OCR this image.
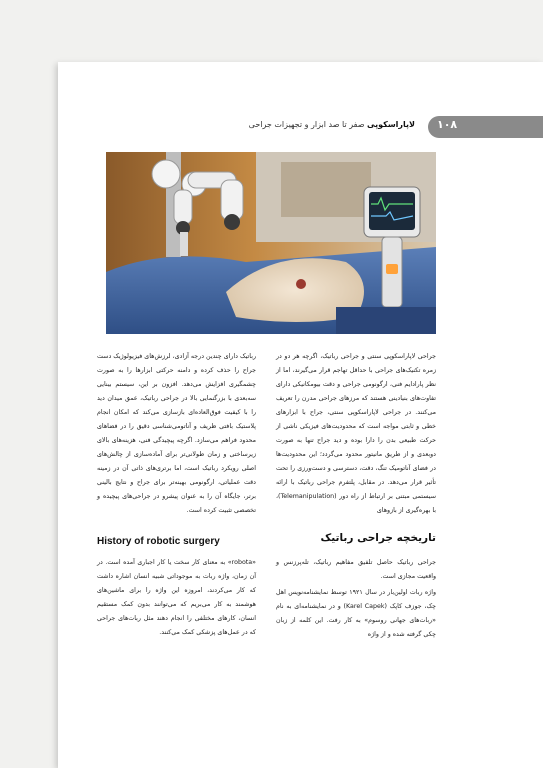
۱۰۸
لاپاراسکوپی صفر تا صد ابزار و تجهیزات جراحی

جراحی لاپاراسکوپی سنتی و جراحی رباتیک، اگرچه هر دو در زمره تکنیک‌های جراحی با حداقل تهاجم قرار می‌گیرند، اما از نظر پارادایم فنی، ارگونومی جراحی و دقت بیومکانیکی دارای تفاوت‌های بنیادینی هستند که مرزهای جراحی مدرن را تعریف می‌کنند. در جراحی لاپاراسکوپی سنتی، جراح با ابزارهای خطی و ثابتی مواجه است که محدودیت‌های فیزیکی ناشی از حرکت طبیعی بدن را دارا بوده و دید جراح تنها به صورت دوبعدی و از طریق مانیتور محدود می‌گردد؛ این محدودیت‌ها در فضای آناتومیک تنگ، دقت، دسترسی و دست‌ورزی را تحت تأثیر قرار می‌دهد. در مقابل، پلتفرم جراحی رباتیک با ارائه سیستمی مبتنی بر ارتباط از راه دور (Telemanipulation)، با بهره‌گیری از بازوهای

رباتیک دارای چندین درجه آزادی، لرزش‌های فیزیولوژیک دست جراح را حذف کرده و دامنه حرکتی ابزارها را به صورت چشمگیری افزایش می‌دهد. افزون بر این، سیستم بینایی سه‌بعدی با بزرگنمایی بالا در جراحی رباتیک، عمق میدان دید را با کیفیت فوق‌العاده‌ای بازسازی می‌کند که امکان انجام پلاستیک بافتی ظریف و آناتومی‌شناسی دقیق را در فضاهای محدود فراهم می‌سازد. اگرچه پیچیدگی فنی، هزینه‌های بالای زیرساختی و زمان طولانی‌تر برای آماده‌سازی از چالش‌های اصلی رویکرد رباتیک است، اما برتری‌های ذاتی آن در زمینه دقت عملیاتی، ارگونومی بهینه‌تر برای جراح و نتایج بالینی برتر، جایگاه آن را به عنوان پیشرو در جراحی‌های پیچیده و تخصصی تثبیت کرده است.

تاریخچه جراحی رباتیک

جراحی رباتیک حاصل تلفیق مفاهیم رباتیک، تله‌پرزنس و واقعیت مجازی است.

واژه ربات اولین‌بار در سال ۱۹۲۱ توسط نمایشنامه‌نویس اهل چک، جوزف کاپک (Karel Capek) و در نمایشنامه‌ای به نام «ربات‌های جهانی روسوم» به کار رفت. این کلمه از زبان چکی گرفته شده و از واژه

History of robotic surgery

«robota» به معنای کار سخت یا کار اجباری آمده است. در آن زمان، واژه ربات به موجوداتی شبیه انسان اشاره داشت که کار می‌کردند، امروزه این واژه را برای ماشین‌های هوشمند به کار می‌بریم که می‌توانند بدون کمک مستقیم انسان، کارهای مختلفی را انجام دهند مثل ربات‌های جراحی که در عمل‌های پزشکی کمک می‌کنند.
